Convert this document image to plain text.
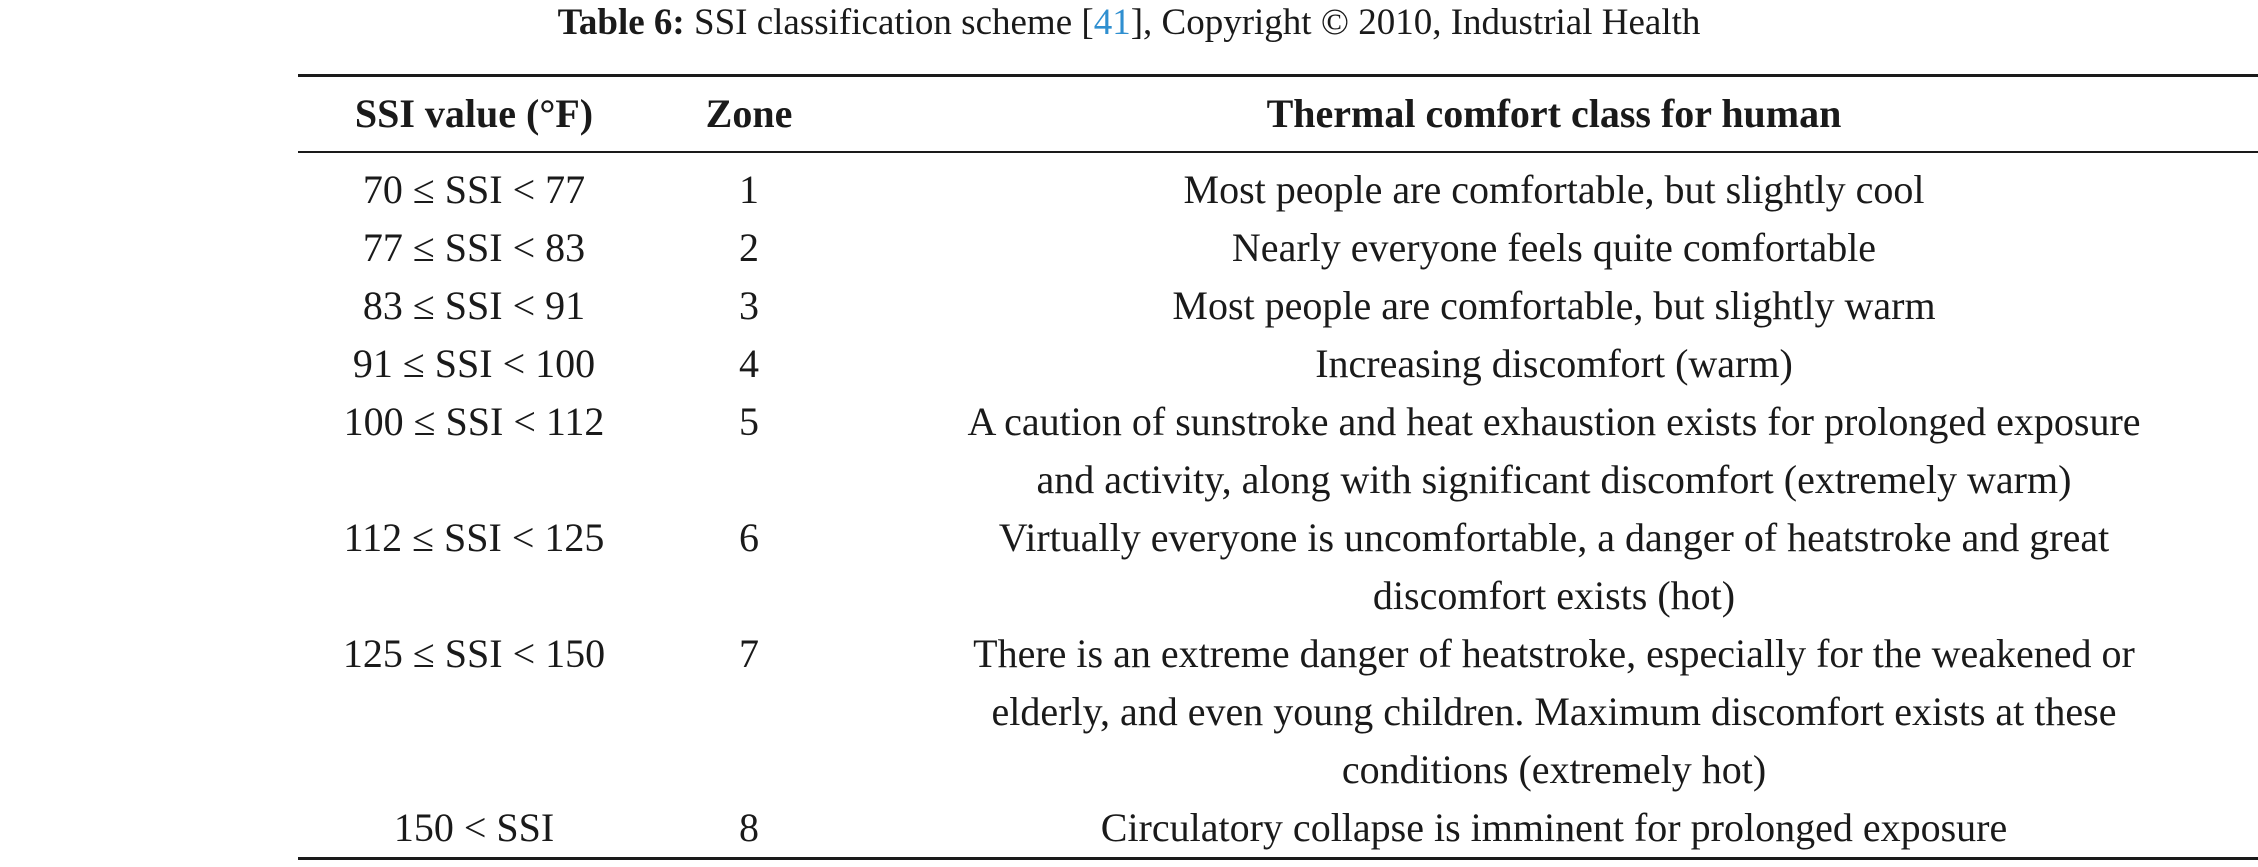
Table 6: SSI classification scheme [41], Copyright © 2010, Industrial Health
SSI value (°F)	Zone	Thermal comfort class for human
70 ≤ SSI < 77	1	Most people are comfortable, but slightly cool

77 ≤ SSI < 83	2	Nearly everyone feels quite comfortable

83 ≤ SSI < 91	3	Most people are comfortable, but slightly warm

91 ≤ SSI < 100	4	Increasing discomfort (warm)

100 ≤ SSI < 112	5	A caution of sunstroke and heat exhaustion exists for prolonged exposure
and activity, along with significant discomfort (extremely warm)

112 ≤ SSI < 125	6	Virtually everyone is uncomfortable, a danger of heatstroke and great
discomfort exists (hot)

125 ≤ SSI < 150	7	There is an extreme danger of heatstroke, especially for the weakened or
elderly, and even young children. Maximum discomfort exists at these
conditions (extremely hot)

150 < SSI	8	Circulatory collapse is imminent for prolonged exposure
